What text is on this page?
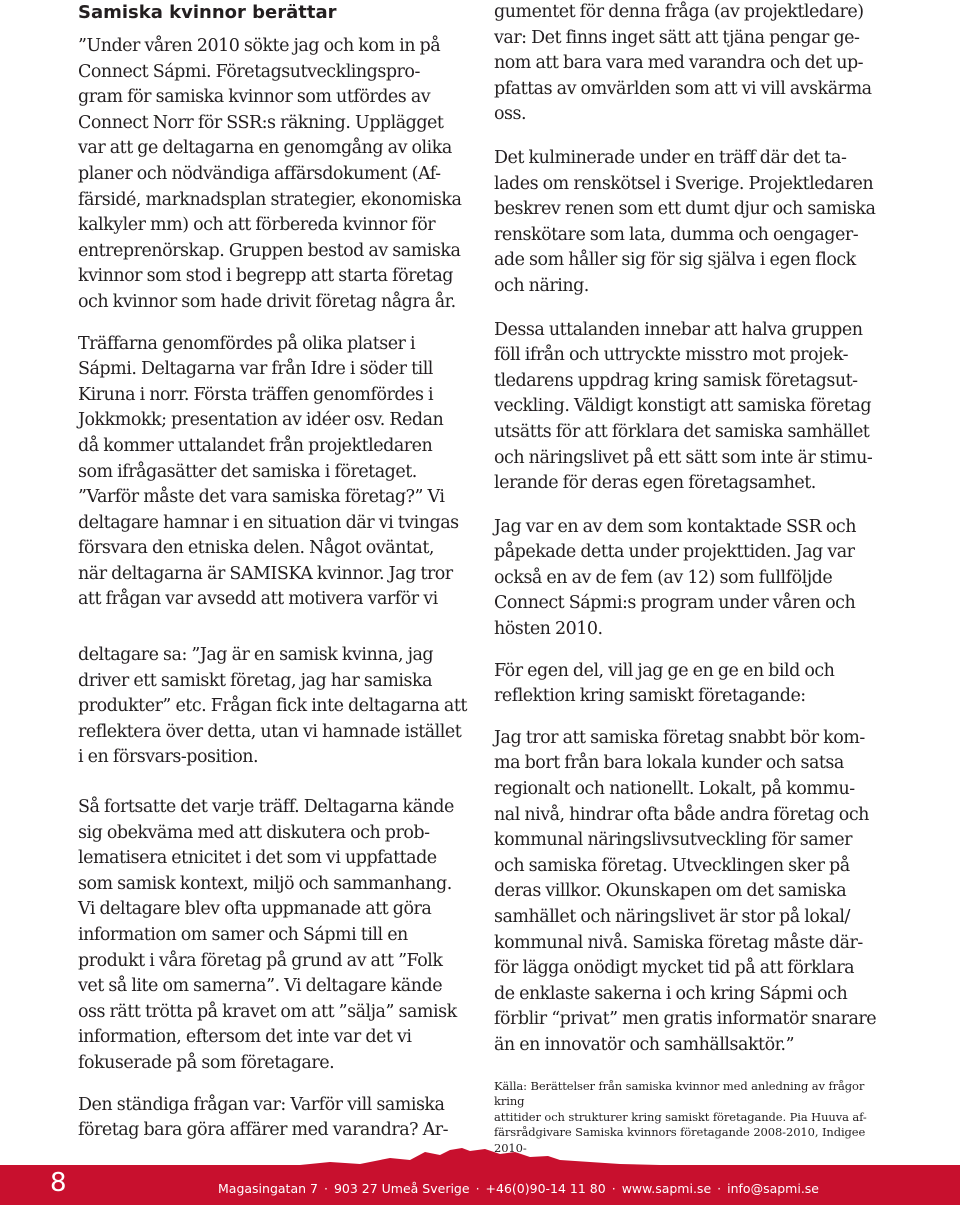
Samiska kvinnor berättar

”Under våren 2010 sökte jag och kom in på
Connect Sápmi. Företagsutvecklingspro-
gram för samiska kvinnor som utfördes av
Connect Norr för SSR:s räkning. Upplägget
var att ge deltagarna en genomgång av olika
planer och nödvändiga affärsdokument (Af-
färsidé, marknadsplan strategier, ekonomiska
kalkyler mm) och att förbereda kvinnor för
entreprenörskap. Gruppen bestod av samiska
kvinnor som stod i begrepp att starta företag
och kvinnor som hade drivit företag några år.

Träffarna genomfördes på olika platser i
Sápmi. Deltagarna var från Idre i söder till
Kiruna i norr. Första träffen genomfördes i
Jokkmokk; presentation av idéer osv. Redan
då kommer uttalandet från projektledaren
som ifrågasätter det samiska i företaget.
”Varför måste det vara samiska företag?” Vi
deltagare hamnar i en situation där vi tvingas
försvara den etniska delen. Något oväntat,
när deltagarna är SAMISKA kvinnor. Jag tror
att frågan var avsedd att motivera varför vi

deltagare sa: ”Jag är en samisk kvinna, jag
driver ett samiskt företag, jag har samiska
produkter” etc. Frågan fick inte deltagarna att
reflektera över detta, utan vi hamnade istället
i en försvars-position.

Så fortsatte det varje träff. Deltagarna kände
sig obekväma med att diskutera och prob-
lematisera etnicitet i det som vi uppfattade
som samisk kontext, miljö och sammanhang.
Vi deltagare blev ofta uppmanade att göra
information om samer och Sápmi till en
produkt i våra företag på grund av att ”Folk
vet så lite om samerna”. Vi deltagare kände
oss rätt trötta på kravet om att ”sälja” samisk
information, eftersom det inte var det vi
fokuserade på som företagare.

Den ständiga frågan var: Varför vill samiska
företag bara göra affärer med varandra? Ar-

gumentet för denna fråga (av projektledare)
var: Det finns inget sätt att tjäna pengar ge-
nom att bara vara med varandra och det up-
pfattas av omvärlden som att vi vill avskärma
oss.

Det kulminerade under en träff där det ta-
lades om renskötsel i Sverige. Projektledaren
beskrev renen som ett dumt djur och samiska
renskötare som lata, dumma och oengager-
ade som håller sig för sig själva i egen flock
och näring.

Dessa uttalanden innebar att halva gruppen
föll ifrån och uttryckte misstro mot projek-
tledarens uppdrag kring samisk företagsut-
veckling. Väldigt konstigt att samiska företag
utsätts för att förklara det samiska samhället
och näringslivet på ett sätt som inte är stimu-
lerande för deras egen företagsamhet.

Jag var en av dem som kontaktade SSR och
påpekade detta under projekttiden. Jag var
också en av de fem (av 12) som fullföljde
Connect Sápmi:s program under våren och
hösten 2010.

För egen del, vill jag ge en ge en bild och
reflektion kring samiskt företagande:

Jag tror att samiska företag snabbt bör kom-
ma bort från bara lokala kunder och satsa
regionalt och nationellt. Lokalt, på kommu-
nal nivå, hindrar ofta både andra företag och
kommunal näringslivsutveckling för samer
och samiska företag. Utvecklingen sker på
deras villkor. Okunskapen om det samiska
samhället och näringslivet är stor på lokal/
kommunal nivå. Samiska företag måste där-
för lägga onödigt mycket tid på att förklara
de enklaste sakerna i och kring Sápmi och
förblir “privat” men gratis informatör snarare
än en innovatör och samhällsaktör.”

Källa: Berättelser från samiska kvinnor med anledning av frågor kring
attitider och strukturer kring samiskt företagande. Pia Huuva af-
färsrådgivare Samiska kvinnors företagande 2008-2010, Indigee 2010-

8	Magasingatan 7 · 903 27 Umeå Sverige · +46(0)90-14 11 80 · www.sapmi.se · info@sapmi.se
